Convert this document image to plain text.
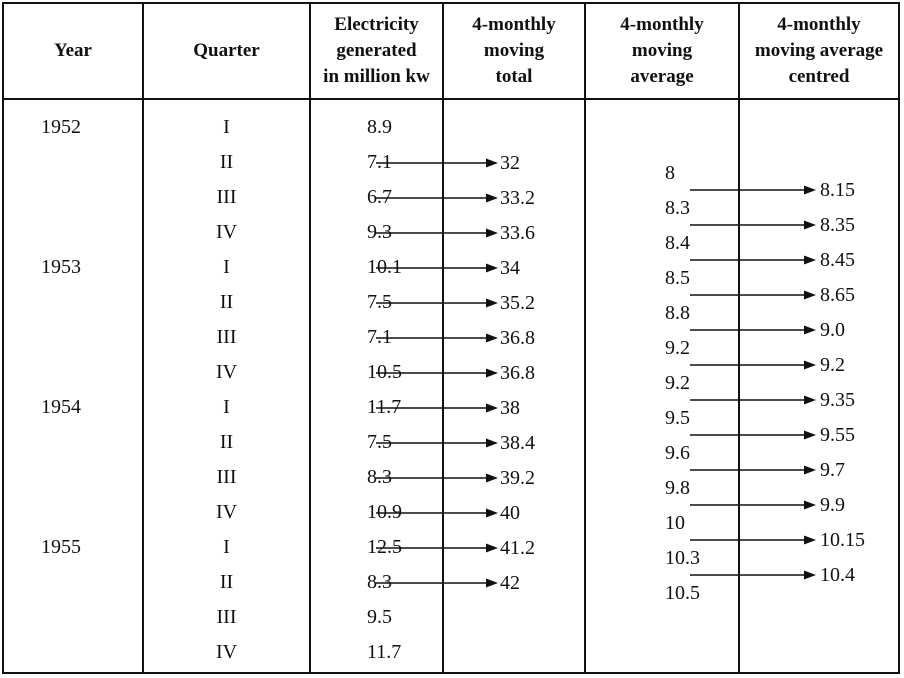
Year	Quarter
Electricity
generated
in million kw
4-monthly
moving
total
4-monthly
moving
average
4-monthly
moving average
centred
1952
1953
1954
1955
I
II
III
IV
I
II
III
IV
I
II
III
IV
I
II
III
IV
8.9
7.1
6.7
9.3
10.1
7.5
7.1
10.5
11.7
7.5
8.3
10.9
12.5
8.3
9.5
11.7
32
33.2
33.6
34
35.2
36.8
36.8
38
38.4
39.2
40
41.2
42
8
8.3
8.4
8.5
8.8
9.2
9.2
9.5
9.6
9.8
10
10.3
10.5
8.15
8.35
8.45
8.65
9.0
9.2
9.35
9.55
9.7
9.9
10.15
10.4
